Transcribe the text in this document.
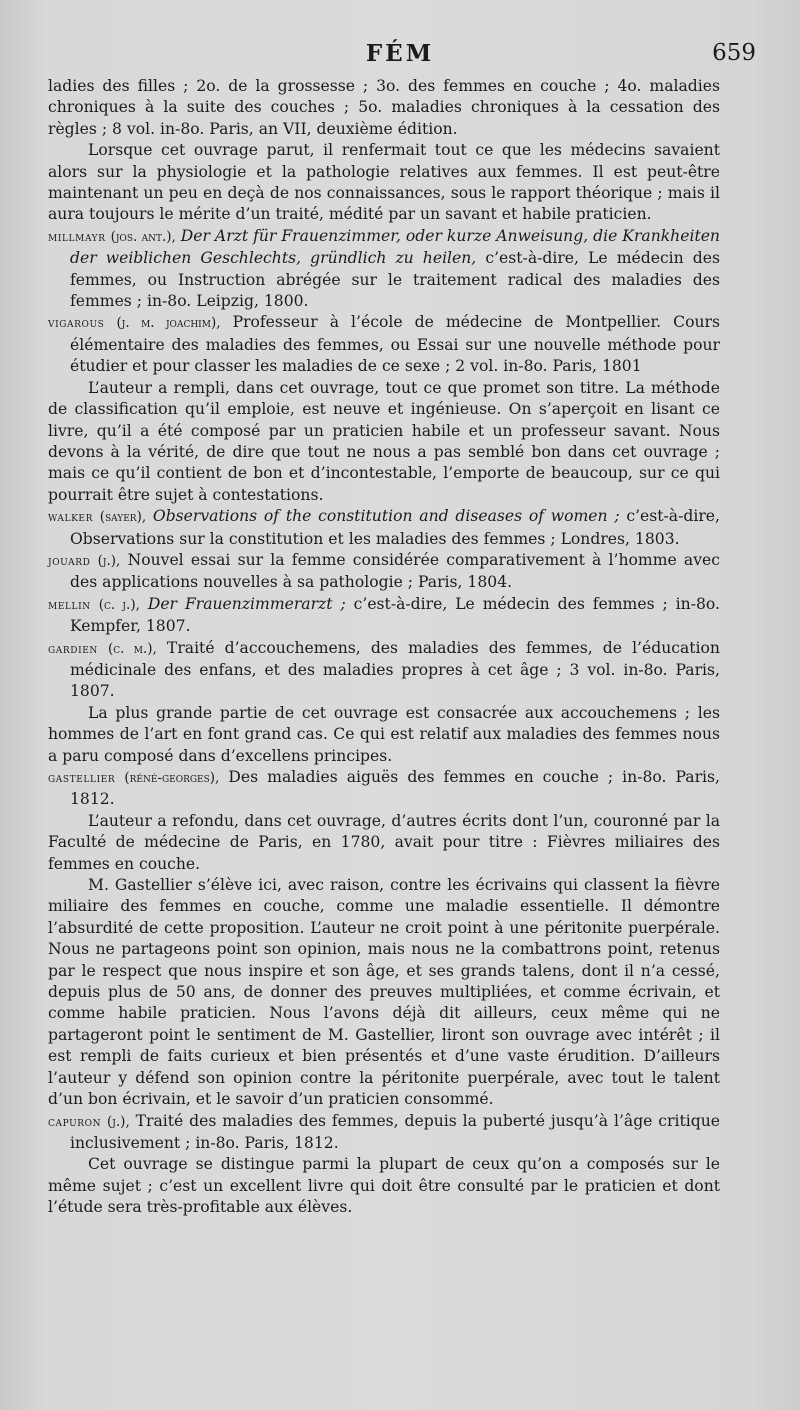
FÉM	659

ladies des filles ; 2o. de la grossesse ; 3o. des femmes en couche ; 4o. maladies chroniques à la suite des couches ; 5o. maladies chroniques à la cessation des règles ; 8 vol. in-8o. Paris, an VII, deuxième édition.

Lorsque cet ouvrage parut, il renfermait tout ce que les médecins savaient alors sur la physiologie et la pathologie relatives aux femmes. Il est peut-être maintenant un peu en deçà de nos connaissances, sous le rapport théorique ; mais il aura toujours le mérite d’un traité, médité par un savant et habile praticien.

millmayr (jos. ant.), Der Arzt für Frauenzimmer, oder kurze Anweisung, die Krankheiten der weiblichen Geschlechts, gründlich zu heilen, c’est-à-dire, Le médecin des femmes, ou Instruction abrégée sur le traitement radical des maladies des femmes ; in-8o. Leipzig, 1800.

vigarous (j. m. joachim), Professeur à l’école de médecine de Montpellier. Cours élémentaire des maladies des femmes, ou Essai sur une nouvelle méthode pour étudier et pour classer les maladies de ce sexe ; 2 vol. in-8o. Paris, 1801

L’auteur a rempli, dans cet ouvrage, tout ce que promet son titre. La méthode de classification qu’il emploie, est neuve et ingénieuse. On s’aperçoit en lisant ce livre, qu’il a été composé par un praticien habile et un professeur savant. Nous devons à la vérité, de dire que tout ne nous a pas semblé bon dans cet ouvrage ; mais ce qu’il contient de bon et d’incontestable, l’emporte de beaucoup, sur ce qui pourrait être sujet à contestations.

walker (sayer), Observations of the constitution and diseases of women ; c’est-à-dire, Observations sur la constitution et les maladies des femmes ; Londres, 1803.

jouard (j.), Nouvel essai sur la femme considérée comparativement à l’homme avec des applications nouvelles à sa pathologie ; Paris, 1804.

mellin (c. j.), Der Frauenzimmerarzt ; c’est-à-dire, Le médecin des femmes ; in-8o. Kempfer, 1807.

gardien (c. m.), Traité d’accouchemens, des maladies des femmes, de l’éducation médicinale des enfans, et des maladies propres à cet âge ; 3 vol. in-8o. Paris, 1807.

La plus grande partie de cet ouvrage est consacrée aux accouchemens ; les hommes de l’art en font grand cas. Ce qui est relatif aux maladies des femmes nous a paru composé dans d’excellens principes.

gastellier (réné-georges), Des maladies aiguës des femmes en couche ; in-8o. Paris, 1812.

L’auteur a refondu, dans cet ouvrage, d’autres écrits dont l’un, couronné par la Faculté de médecine de Paris, en 1780, avait pour titre : Fièvres miliaires des femmes en couche.

M. Gastellier s’élève ici, avec raison, contre les écrivains qui classent la fièvre miliaire des femmes en couche, comme une maladie essentielle. Il démontre l’absurdité de cette proposition. L’auteur ne croit point à une péritonite puerpérale. Nous ne partageons point son opinion, mais nous ne la combattrons point, retenus par le respect que nous inspire et son âge, et ses grands talens, dont il n’a cessé, depuis plus de 50 ans, de donner des preuves multipliées, et comme écrivain, et comme habile praticien. Nous l’avons déjà dit ailleurs, ceux même qui ne partageront point le sentiment de M. Gastellier, liront son ouvrage avec intérêt ; il est rempli de faits curieux et bien présentés et d’une vaste érudition. D’ailleurs l’auteur y défend son opinion contre la péritonite puerpérale, avec tout le talent d’un bon écrivain, et le savoir d’un praticien consommé.

capuron (j.), Traité des maladies des femmes, depuis la puberté jusqu’à l’âge critique inclusivement ; in-8o. Paris, 1812.

Cet ouvrage se distingue parmi la plupart de ceux qu’on a composés sur le même sujet ; c’est un excellent livre qui doit être consulté par le praticien et dont l’étude sera très-profitable aux élèves.
